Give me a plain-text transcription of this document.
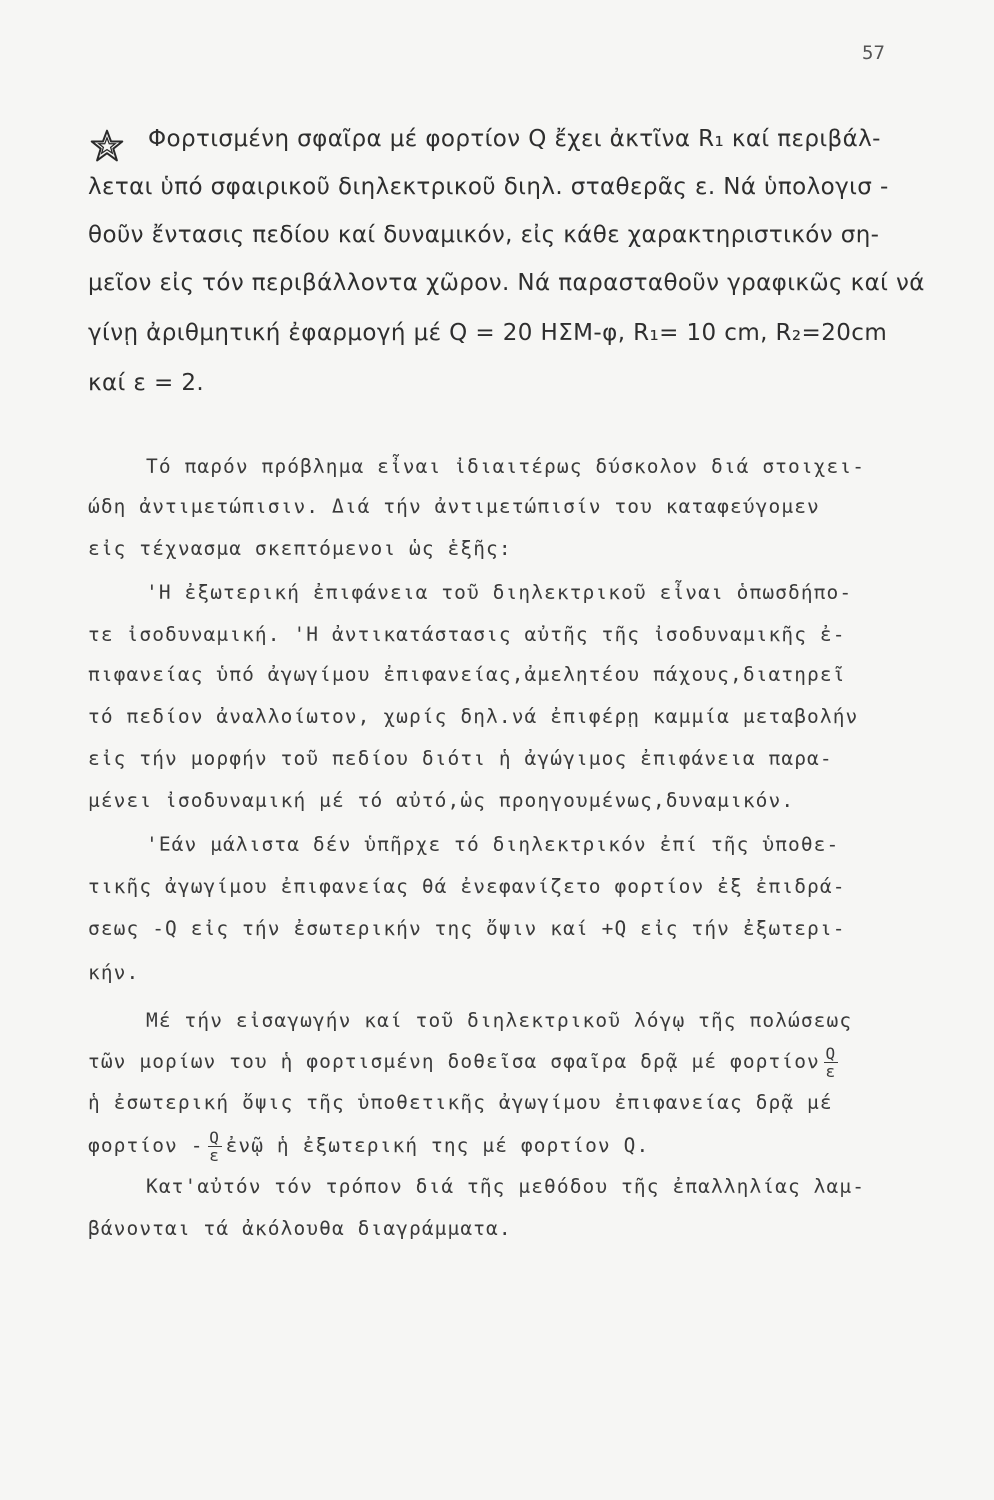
57
Φορτισμένη σφαῖρα μέ φορτίον Q ἔχει ἀκτῖνα R₁ καί περιβάλ-
λεται ὑπό σφαιρικοῦ διηλεκτρικοῦ διηλ. σταθερᾶς ε. Νά ὑπολογισ -
θοῦν ἔντασις πεδίου καί δυναμικόν, εἰς κάθε χαρακτηριστικόν ση-
μεῖον εἰς τόν περιβάλλοντα χῶρον. Νά παρασταθοῦν γραφικῶς καί νά
γίνῃ ἀριθμητική ἐφαρμογή μέ Q = 20 ΗΣΜ-φ, R₁= 10 cm, R₂=20cm
καί ε = 2.
Τό παρόν πρόβλημα εἶναι ἰδιαιτέρως δύσκολον διά στοιχει-
ώδη ἀντιμετώπισιν. Διά τήν ἀντιμετώπισίν του καταφεύγομεν
εἰς τέχνασμα σκεπτόμενοι ὡς ἑξῆς:
'Η ἐξωτερική ἐπιφάνεια τοῦ διηλεκτρικοῦ εἶναι ὁπωσδήπο-
τε ἰσοδυναμική. 'Η ἀντικατάστασις αὐτῆς τῆς ἰσοδυναμικῆς ἐ-
πιφανείας ὑπό ἀγωγίμου ἐπιφανείας,ἀμελητέου πάχους,διατηρεῖ
τό πεδίον ἀναλλοίωτον, χωρίς δηλ.νά ἐπιφέρῃ καμμία μεταβολήν
εἰς τήν μορφήν τοῦ πεδίου διότι ἡ ἀγώγιμος ἐπιφάνεια παρα-
μένει ἰσοδυναμική μέ τό αὐτό,ὡς προηγουμένως,δυναμικόν.
'Εάν μάλιστα δέν ὑπῆρχε τό διηλεκτρικόν ἐπί τῆς ὑποθε-
τικῆς ἀγωγίμου ἐπιφανείας θά ἐνεφανίζετο φορτίον ἐξ ἐπιδρά-
σεως -Q εἰς τήν ἐσωτερικήν της ὄψιν καί +Q εἰς τήν ἐξωτερι-
κήν.
Μέ τήν εἰσαγωγήν καί τοῦ διηλεκτρικοῦ λόγῳ τῆς πολώσεως
τῶν μορίων του ἡ φορτισμένη δοθεῖσα σφαῖρα δρᾷ μέ φορτίον $\frac{Q}{\varepsilon}$
ἡ ἐσωτερική ὄψις τῆς ὑποθετικῆς ἀγωγίμου ἐπιφανείας δρᾷ μέ
φορτίον - $\frac{Q}{\varepsilon}$ ἐνῷ ἡ ἐξωτερική της μέ φορτίον Q.
Κατ'αὐτόν τόν τρόπον διά τῆς μεθόδου τῆς ἐπαλληλίας λαμ-
βάνονται τά ἀκόλουθα διαγράμματα.
